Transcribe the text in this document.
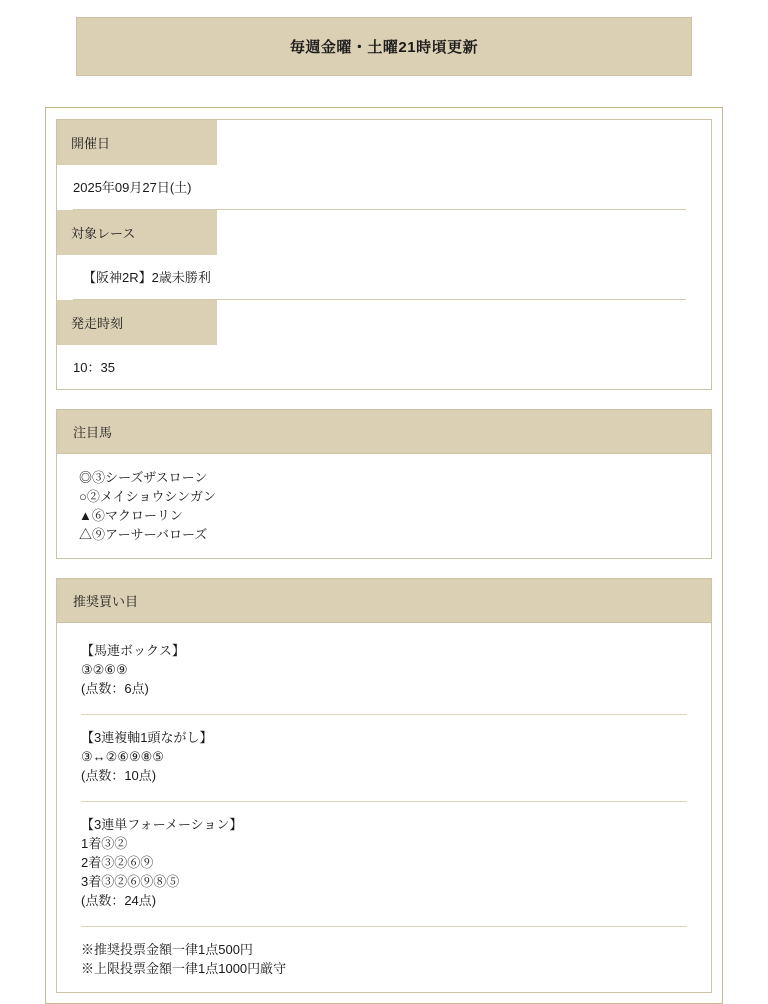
毎週金曜・土曜21時頃更新
開催日
2025年09月27日(土)
対象レース
【阪神2R】2歳未勝利
発走時刻
10：35
注目馬
◎③シーズザスローン
○②メイショウシンガン
▲⑥マクローリン
△⑨アーサーバローズ
推奨買い目
【馬連ボックス】
③②⑥⑨
(点数：6点)
【3連複軸1頭ながし】
③↔②⑥⑨⑧⑤
(点数：10点)
【3連単フォーメーション】
1着③②
2着③②⑥⑨
3着③②⑥⑨⑧⑤
(点数：24点)
※推奨投票金額一律1点500円
※上限投票金額一律1点1000円厳守
